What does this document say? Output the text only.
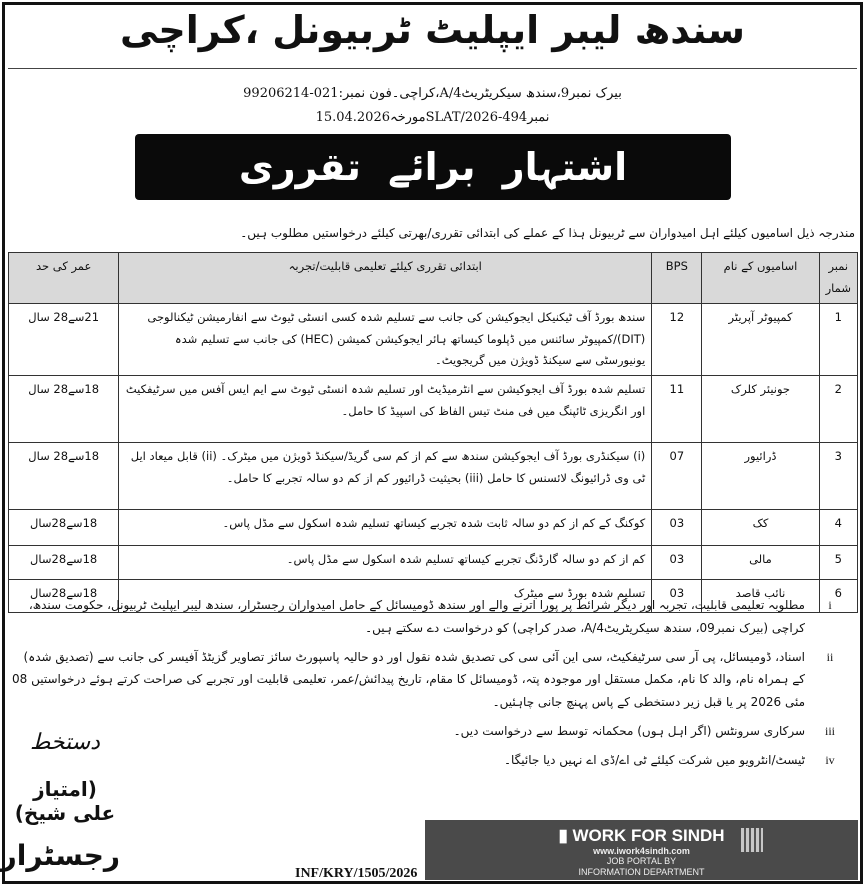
سندھ لیبر ایپلیٹ ٹربیونل ،کراچی
بیرک نمبر9،سندھ سیکریٹریٹ4/A،کراچی۔فون نمبر:021-99206214
نمبرSLAT/2026-494مورخہ15.04.2026
اشتہار برائے تقرری
مندرجہ ذیل اسامیوں کیلئے اہل امیدواران سے ٹربیونل ہذا کے عملے کی ابتدائی تقرری/بھرتی کیلئے درخواستیں مطلوب ہیں۔
نمبر شمار	اسامیوں کے نام	BPS	ابتدائی تقرری کیلئے تعلیمی قابلیت/تجربہ	عمر کی حد
1	کمپیوٹر آپریٹر	12	سندھ بورڈ آف ٹیکنیکل ایجوکیشن کی جانب سے تسلیم شدہ کسی انسٹی ٹیوٹ سے انفارمیشن ٹیکنالوجی (DIT)/کمپیوٹر سائنس میں ڈپلوما کیساتھ ہائر ایجوکیشن کمیشن (HEC) کی جانب سے تسلیم شدہ یونیورسٹی سے سیکنڈ ڈویژن میں گریجویٹ۔	21سے28 سال
2	جونیئر کلرک	11	تسلیم شدہ بورڈ آف ایجوکیشن سے انٹرمیڈیٹ اور تسلیم شدہ انسٹی ٹیوٹ سے ایم ایس آفس میں سرٹیفکیٹ اور انگریزی ٹائپنگ میں فی منٹ تیس الفاظ کی اسپیڈ کا حامل۔	18سے28 سال
3	ڈرائیور	07	(i) سیکنڈری بورڈ آف ایجوکیشن سندھ سے کم از کم سی گریڈ/سیکنڈ ڈویژن میں میٹرک۔ (ii) قابل میعاد ایل ٹی وی ڈرائیونگ لائسنس کا حامل (iii) بحیثیت ڈرائیور کم از کم دو سالہ تجربے کا حامل۔	18سے28 سال
4	کک	03	کوکنگ کے کم از کم دو سالہ ثابت شدہ تجربے کیساتھ تسلیم شدہ اسکول سے مڈل پاس۔	18سے28سال
5	مالی	03	کم از کم دو سالہ گارڈنگ تجربے کیساتھ تسلیم شدہ اسکول سے مڈل پاس۔	18سے28سال
6	نائب قاصد	03	تسلیم شدہ بورڈ سے میٹرک	18سے28سال
i
مطلوبہ تعلیمی قابلیت، تجربہ اور دیگر شرائط پر پورا اترنے والے اور سندھ ڈومیسائل کے حامل امیدواران رجسٹرار، سندھ لیبر ایپلیٹ ٹربیونل، حکومت سندھ، کراچی (بیرک نمبر09، سندھ سیکریٹریٹ4/A، صدر کراچی) کو درخواست دے سکتے ہیں۔
ii
اسناد، ڈومیسائل، پی آر سی سرٹیفکیٹ، سی این آئی سی کی تصدیق شدہ نقول اور دو حالیہ پاسپورٹ سائز تصاویر گزیٹڈ آفیسر کی جانب سے (تصدیق شدہ) کے ہمراہ نام، والد کا نام، مکمل مستقل اور موجودہ پتہ، ڈومیسائل کا مقام، تاریخ پیدائش/عمر، تعلیمی قابلیت اور تجربے کی صراحت کرتے ہوئے درخواستیں 08 مئی 2026 پر یا قبل زیر دستخطی کے پاس پہنچ جانی چاہئیں۔
iii
سرکاری سرونٹس (اگر اہل ہوں) محکمانہ توسط سے درخواست دیں۔
iv
ٹیسٹ/انٹرویو میں شرکت کیلئے ٹی اے/ڈی اے نہیں دیا جائیگا۔
دستخط
(امتیاز علی شیخ)
رجسٹرار
INF/KRY/1505/2026
▮ WORK FOR SINDH
www.iwork4sindh.com
JOB PORTAL BY
INFORMATION DEPARTMENT
